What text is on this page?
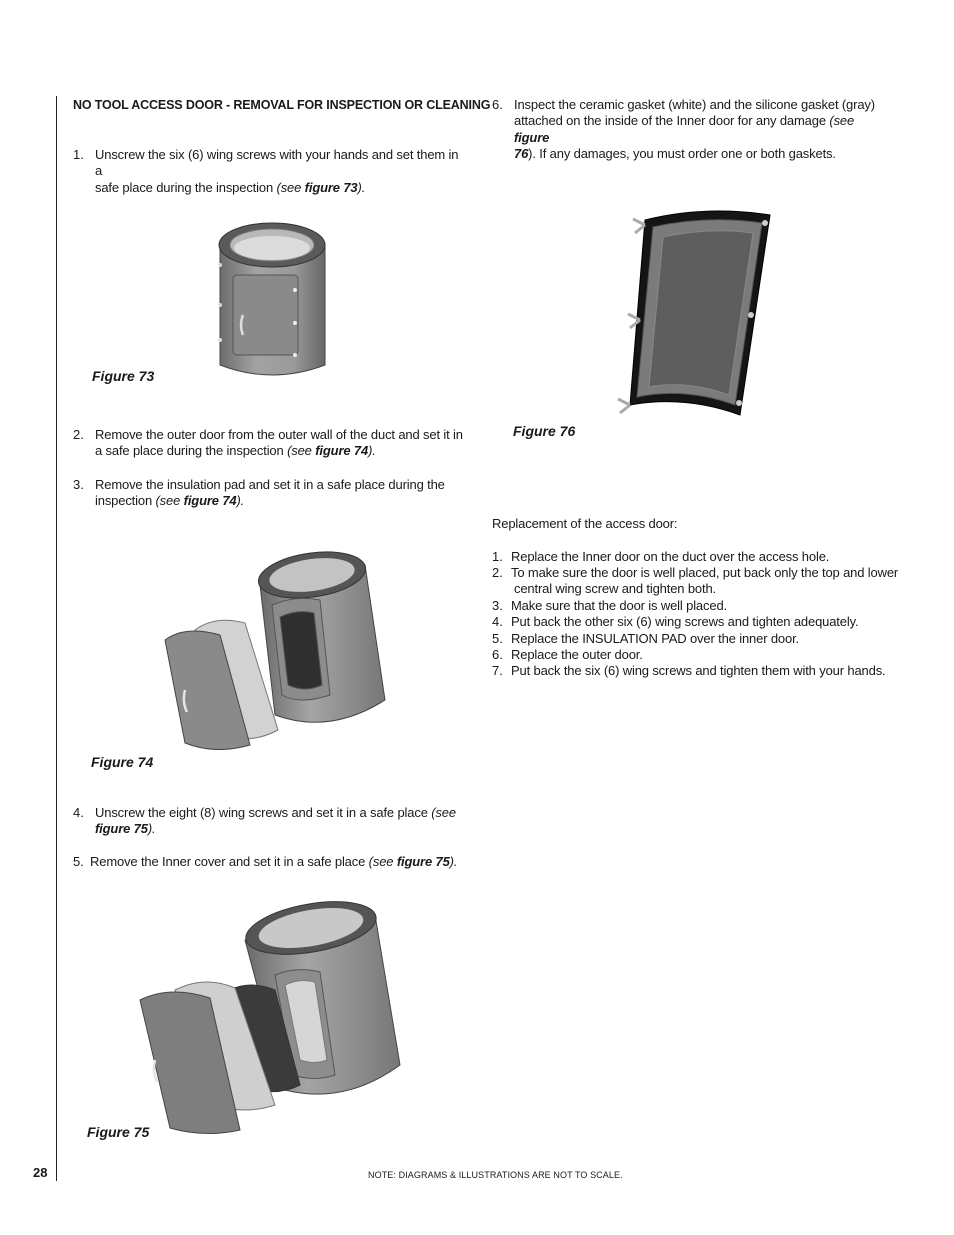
NO TOOL ACCESS DOOR - REMOVAL FOR INSPECTION OR CLEANING
1. Unscrew the six (6) wing screws with your hands and set them in a
safe place during the inspection (see figure 73).
Figure 73
2. Remove the outer door from the outer wall of the duct and set it in
a safe place during the inspection (see figure 74).
3. Remove the insulation pad and set it in a safe place during the
inspection (see figure 74).
Figure 74
4. Unscrew the eight (8) wing screws and set it in a safe place (see
figure 75).
5. Remove the Inner cover and set it in a safe place (see figure 75).
Figure 75
6. Inspect the ceramic gasket (white) and the silicone gasket (gray)
attached on the inside of the Inner door for any damage (see figure
76). If any damages, you must order one or both gaskets.
Figure 76
Replacement of the access door:
1. Replace the Inner door on the duct over the access hole.
2. To make sure the door is well placed, put back only the top and lower
central wing screw and tighten both.
3. Make sure that the door is well placed.
4. Put back the other six (6) wing screws and tighten adequately.
5. Replace the INSULATION PAD over the inner door.
6. Replace the outer door.
7. Put back the six (6) wing screws and tighten them with your hands.
28	NOTE: DIAGRAMS & ILLUSTRATIONS ARE NOT TO SCALE.
